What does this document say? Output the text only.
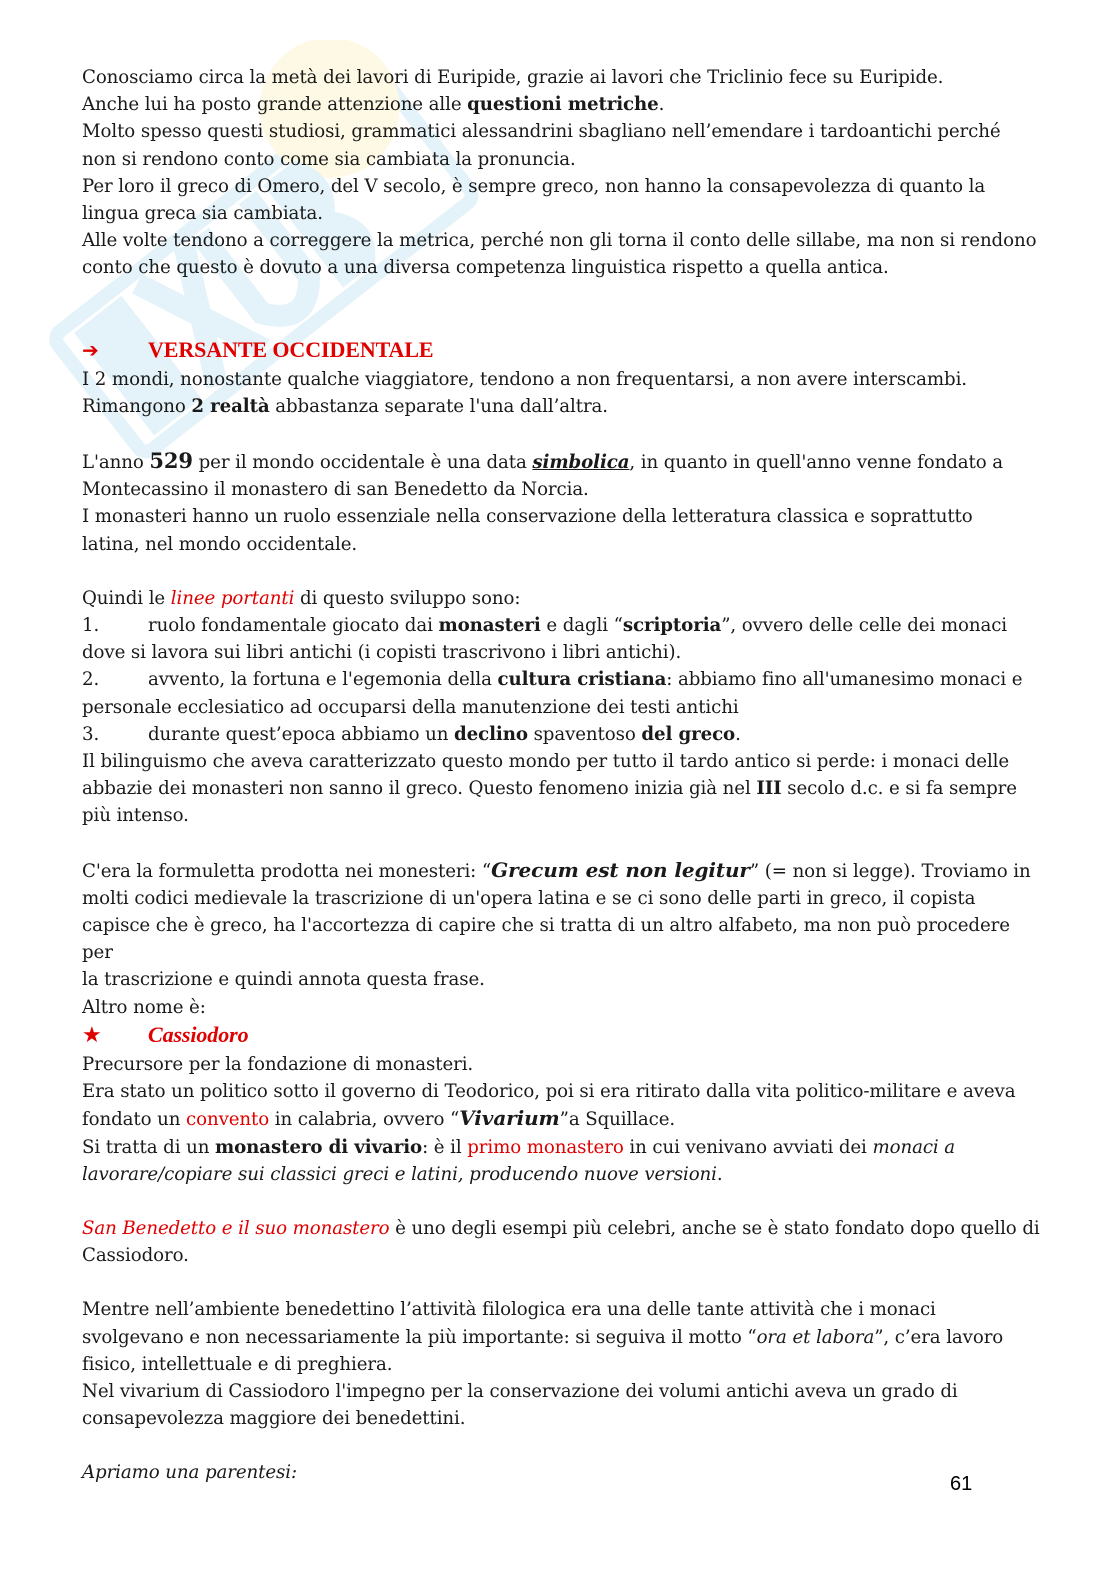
Conosciamo circa la metà dei lavori di Euripide, grazie ai lavori che Triclinio fece su Euripide.

Anche lui ha posto grande attenzione alle questioni metriche.

Molto spesso questi studiosi, grammatici alessandrini sbagliano nell’emendare i tardoantichi perché
non si rendono conto come sia cambiata la pronuncia.

Per loro il greco di Omero, del V secolo, è sempre greco, non hanno la consapevolezza di quanto la
lingua greca sia cambiata.

Alle volte tendono a correggere la metrica, perché non gli torna il conto delle sillabe, ma non si rendono
conto che questo è dovuto a una diversa competenza linguistica rispetto a quella antica.

➔	VERSANTE OCCIDENTALE

I 2 mondi, nonostante qualche viaggiatore, tendono a non frequentarsi, a non avere interscambi.

Rimangono 2 realtà abbastanza separate l'una dall’altra.

L'anno 529 per il mondo occidentale è una data simbolica, in quanto in quell'anno venne fondato a
Montecassino il monastero di san Benedetto da Norcia.

I monasteri hanno un ruolo essenziale nella conservazione della letteratura classica e soprattutto
latina, nel mondo occidentale.

Quindi le linee portanti di questo sviluppo sono:

1.	ruolo fondamentale giocato dai monasteri e dagli “scriptoria”, ovvero delle celle dei monaci

dove si lavora sui libri antichi (i copisti trascrivono i libri antichi).

2.	avvento, la fortuna e l'egemonia della cultura cristiana: abbiamo fino all'umanesimo monaci e

personale ecclesiatico ad occuparsi della manutenzione dei testi antichi

3.	durante quest’epoca abbiamo un declino spaventoso del greco.

Il bilinguismo che aveva caratterizzato questo mondo per tutto il tardo antico si perde: i monaci delle
abbazie dei monasteri non sanno il greco. Questo fenomeno inizia già nel III secolo d.c. e si fa sempre
più intenso.

C'era la formuletta prodotta nei monesteri: “Grecum est non legitur” (= non si legge). Troviamo in
molti codici medievale la trascrizione di un'opera latina e se ci sono delle parti in greco, il copista
capisce che è greco, ha l'accortezza di capire che si tratta di un altro alfabeto, ma non può procedere per
la trascrizione e quindi annota questa frase.
Altro nome è:

★	Cassiodoro

Precursore per la fondazione di monasteri.

Era stato un politico sotto il governo di Teodorico, poi si era ritirato dalla vita politico-militare e aveva
fondato un convento in calabria, ovvero “Vivarium”a Squillace.

Si tratta di un monastero di vivario: è il primo monastero in cui venivano avviati dei monaci a
lavorare/copiare sui classici greci e latini, producendo nuove versioni.

San Benedetto e il suo monastero è uno degli esempi più celebri, anche se è stato fondato dopo quello di
Cassiodoro.

Mentre nell’ambiente benedettino l’attività filologica era una delle tante attività che i monaci
svolgevano e non necessariamente la più importante: si seguiva il motto “ora et labora”, c’era lavoro
fisico, intellettuale e di preghiera.

Nel vivarium di Cassiodoro l'impegno per la conservazione dei volumi antichi aveva un grado di
consapevolezza maggiore dei benedettini.

Apriamo una parentesi:

61
